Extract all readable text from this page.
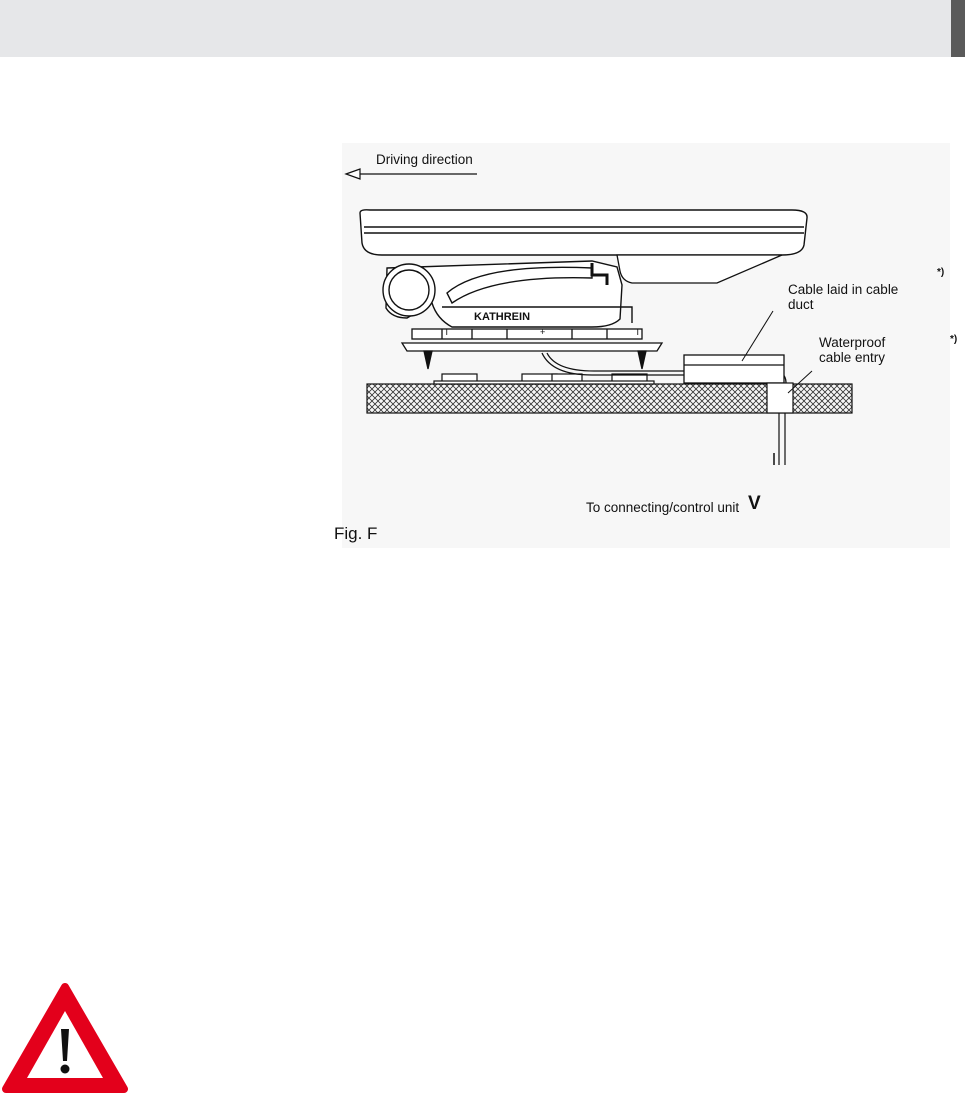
KATHREIN
T	+	T
Driving direction
Cable laid in cable duct
Waterproof cable entry
*)
*)
To connecting/control unit V
Fig. F
